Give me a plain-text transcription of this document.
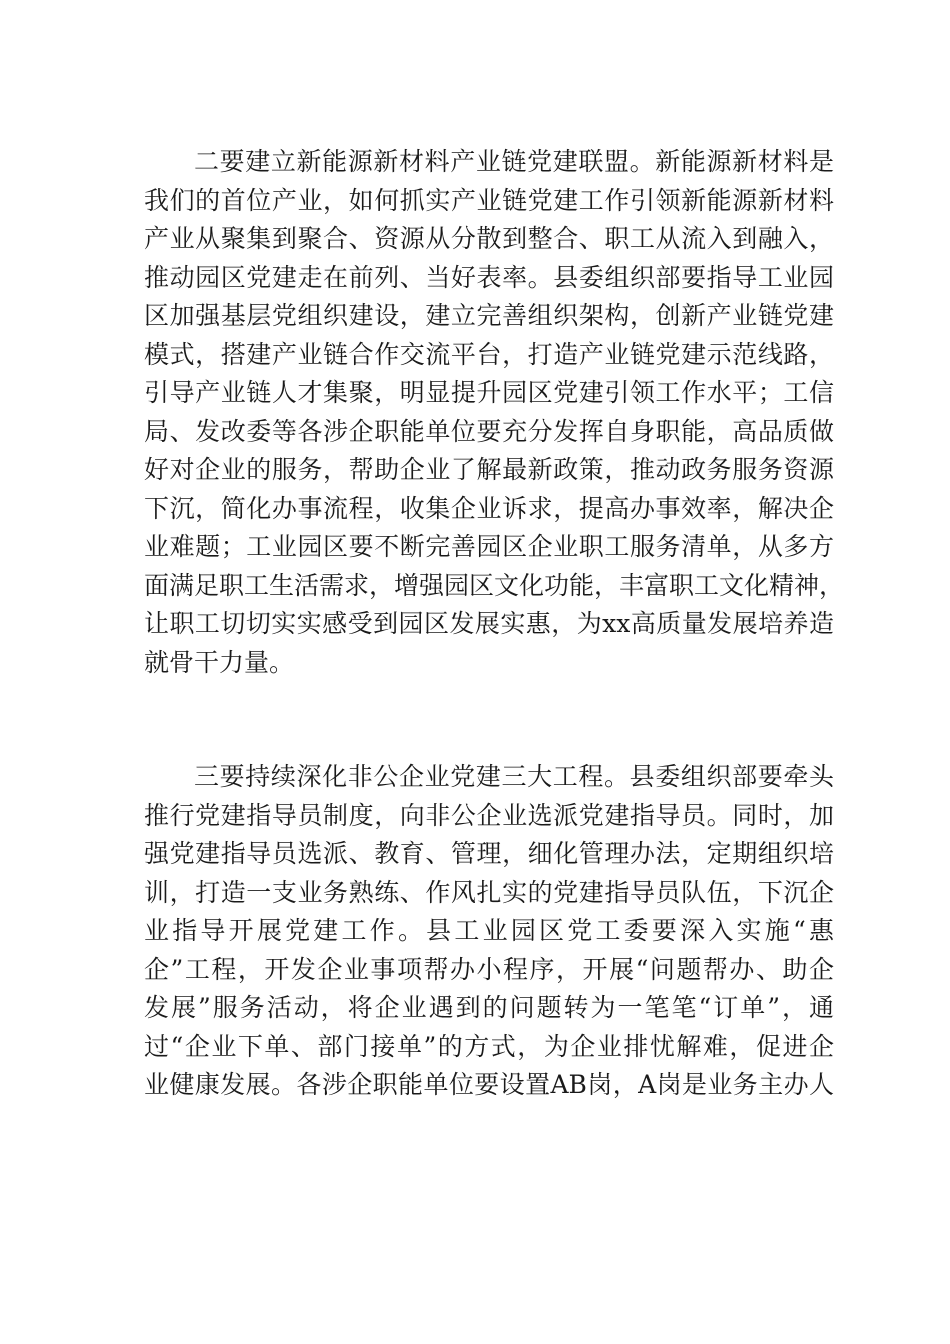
二要建立新能源新材料产业链党建联盟。新能源新材料是
我们的首位产业，如何抓实产业链党建工作引领新能源新材料
产业从聚集到聚合、资源从分散到整合、职工从流入到融入，
推动园区党建走在前列、当好表率。县委组织部要指导工业园
区加强基层党组织建设，建立完善组织架构，创新产业链党建
模式，搭建产业链合作交流平台，打造产业链党建示范线路，
引导产业链人才集聚，明显提升园区党建引领工作水平；工信
局、发改委等各涉企职能单位要充分发挥自身职能，高品质做
好对企业的服务，帮助企业了解最新政策，推动政务服务资源
下沉，简化办事流程，收集企业诉求，提高办事效率，解决企
业难题；工业园区要不断完善园区企业职工服务清单，从多方
面满足职工生活需求，增强园区文化功能，丰富职工文化精神，
让职工切切实实感受到园区发展实惠，为xx高质量发展培养造
就骨干力量。
三要持续深化非公企业党建三大工程。县委组织部要牵头
推行党建指导员制度，向非公企业选派党建指导员。同时，加
强党建指导员选派、教育、管理，细化管理办法，定期组织培
训，打造一支业务熟练、作风扎实的党建指导员队伍，下沉企
业指导开展党建工作。县工业园区党工委要深入实施“惠
企”工程，开发企业事项帮办小程序，开展“问题帮办、助企
发展”服务活动，将企业遇到的问题转为一笔笔“订单”，通
过“企业下单、部门接单”的方式，为企业排忧解难，促进企
业健康发展。各涉企职能单位要设置AB岗，A岗是业务主办人
